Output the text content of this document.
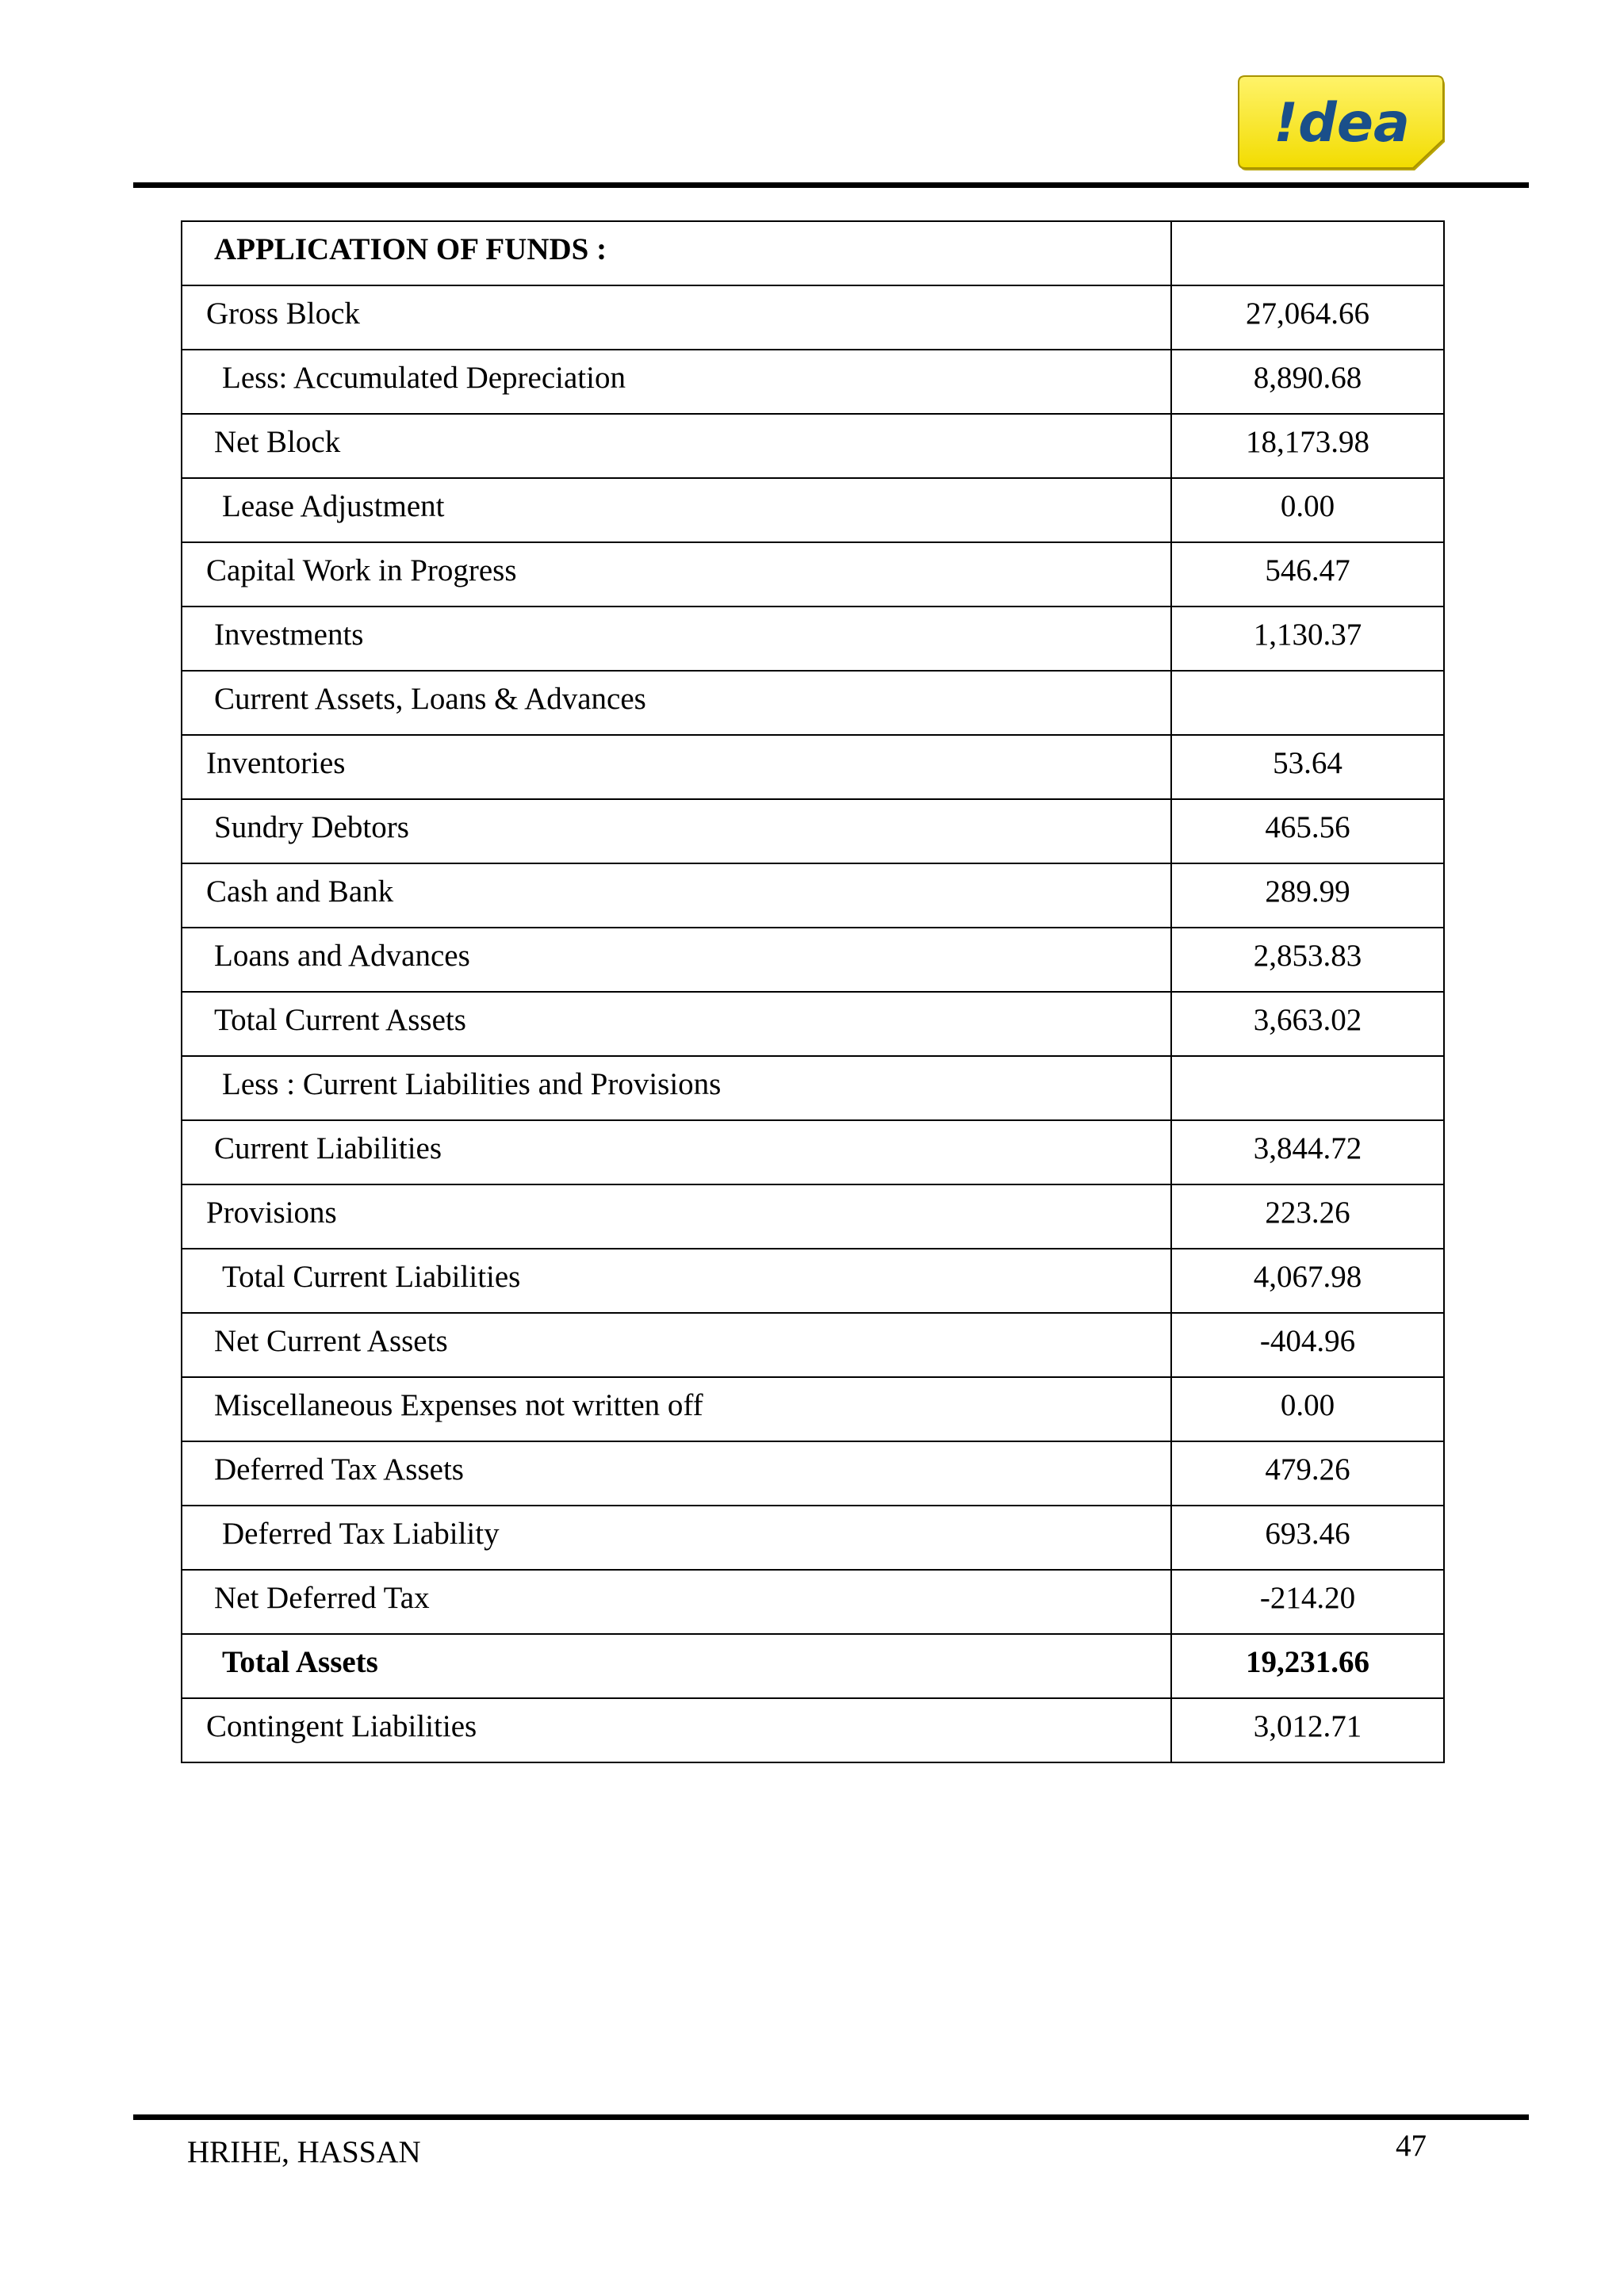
!dea
APPLICATION OF FUNDS :	
Gross Block	27,064.66
Less: Accumulated Depreciation	8,890.68
Net Block	18,173.98
Lease Adjustment	0.00
Capital Work in Progress	546.47
Investments	1,130.37
Current Assets, Loans & Advances	
Inventories	53.64
Sundry Debtors	465.56
Cash and Bank	289.99
Loans and Advances	2,853.83
Total Current Assets	3,663.02
Less : Current Liabilities and Provisions	
Current Liabilities	3,844.72
Provisions	223.26
Total Current Liabilities	4,067.98
Net Current Assets	-404.96
Miscellaneous Expenses not written off	0.00
Deferred Tax Assets	479.26
Deferred Tax Liability	693.46
Net Deferred Tax	-214.20
Total Assets	19,231.66
Contingent Liabilities	3,012.71
HRIHE, HASSAN	47
